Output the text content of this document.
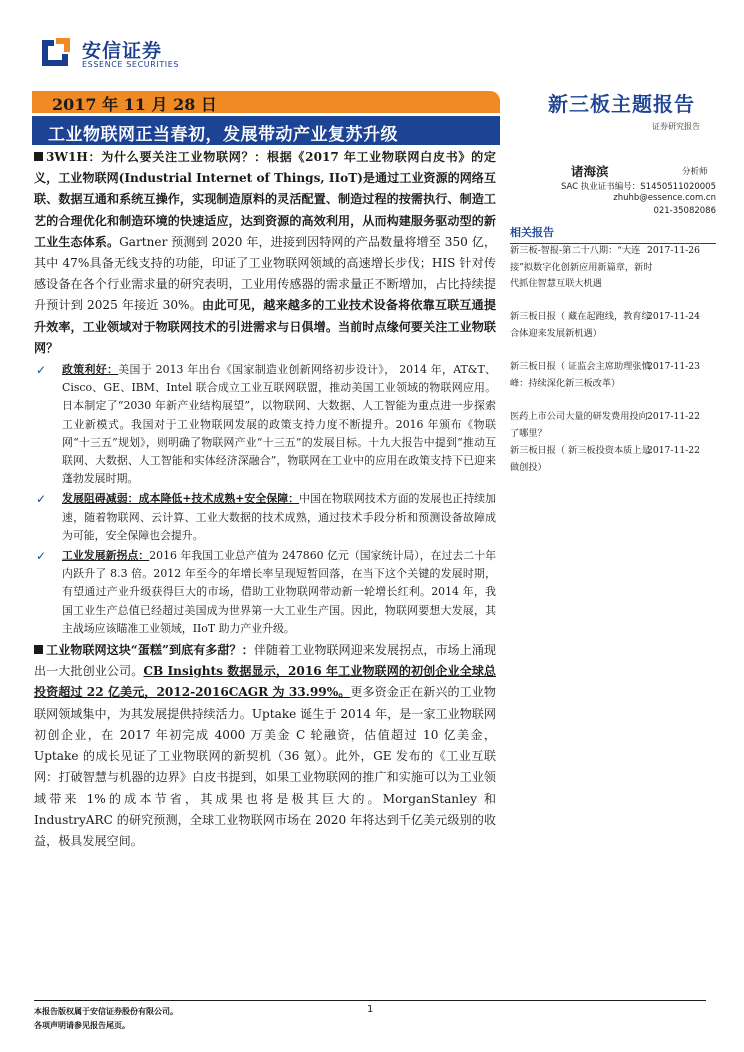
安信证券
ESSENCE SECURITIES
2017 年 11 月 28 日
工业物联网正当春初，发展带动产业复苏升级
新三板主题报告
证券研究报告

3W1H：为什么要关注工业物联网？：根据《2017 年工业物联网白皮书》的定义，工业物联网(Industrial Internet of Things, IIoT)是通过工业资源的网络互联、数据互通和系统互操作，实现制造原料的灵活配置、制造过程的按需执行、制造工艺的合理优化和制造环境的快速适应，达到资源的高效利用，从而构建服务驱动型的新工业生态体系。Gartner 预测到 2020 年，进接到因特网的产品数量将增至 350 亿，其中 47%具备无线支持的功能，印证了工业物联网领域的高速增长步伐；HIS 针对传感设备在各个行业需求量的研究表明，工业用传感器的需求量正不断增加，占比持续提升预计到 2025 年接近 30%。由此可见，越来越多的工业技术设备将依靠互联互通提升效率，工业领域对于物联网技术的引进需求与日俱增。当前时点缘何要关注工业物联网？

✓ 政策利好：美国于 2013 年出台《国家制造业创新网络初步设计》， 2014 年，AT&T、Cisco、GE、IBM、Intel 联合成立工业互联网联盟，推动美国工业领域的物联网应用。日本制定了“2030 年新产业结构展望”，以物联网、大数据、人工智能为重点进一步探索工业新模式。我国对于工业物联网发展的政策支持力度不断提升。2016 年颁布《物联网“十三五”规划》，则明确了物联网产业“十三五”的发展目标。十九大报告中提到“推动互联网、大数据、人工智能和实体经济深融合”，物联网在工业中的应用在政策支持下已迎来蓬勃发展时期。
✓ 发展阻碍减弱：成本降低+技术成熟+安全保障：中国在物联网技术方面的发展也正持续加速，随着物联网、云计算、工业大数据的技术成熟，通过技术手段分析和预测设备故障成为可能，安全保障也会提升。
✓ 工业发展新拐点：2016 年我国工业总产值为 247860 亿元（国家统计局），在过去二十年内跃升了 8.3 倍。2012 年至今的年增长率呈现短暂回落，在当下这个关键的发展时期，有望通过产业升级获得巨大的市场，借助工业物联网带动新一轮增长红利。2014 年，我国工业生产总值已经超过美国成为世界第一大工业生产国。因此，物联网要想大发展，其主战场应该瞄准工业领域，IIoT 助力产业升级。

工业物联网这块“蛋糕”到底有多甜？：伴随着工业物联网迎来发展拐点，市场上涌现出一大批创业公司。CB Insights 数据显示，2016 年工业物联网的初创企业全球总投资超过 22 亿美元，2012-2016CAGR 为 33.99%。更多资金正在新兴的工业物联网领域集中，为其发展提供持续活力。Uptake 诞生于 2014 年，是一家工业物联网初创企业，在 2017 年初完成 4000 万美金 C 轮融资，估值超过 10 亿美金，Uptake 的成长见证了工业物联网的新契机（36 氪）。此外，GE 发布的《工业互联网：打破智慧与机器的边界》白皮书提到，如果工业物联网的推广和实施可以为工业领域带来 1%的成本节省，其成果也将是极其巨大的。MorganStanley 和 IndustryARC 的研究预测，全球工业物联网市场在 2020 年将达到千亿美元级别的收益，极具发展空间。

诸海滨	分析师
SAC 执业证书编号：S1450511020005
zhuhb@essence.com.cn
021-35082086
相关报告
新三板-智报-第二十八期：“大连接”拟数字化创新应用新篇章，新时代抓住智慧互联大机遇
2017-11-26
新三板日报（ 藏在起跑线，教育综合体迎来发展新机遇）
2017-11-24
新三板日报（ 证监会主席助理张慎峰：持续深化新三板改革）
2017-11-23
医药上市公司大量的研发费用投向了哪里？
2017-11-22
新三板日报（ 新三板投资本质上是做创投）
2017-11-22
本报告版权属于安信证券股份有限公司。
各项声明请参见报告尾页。
1
